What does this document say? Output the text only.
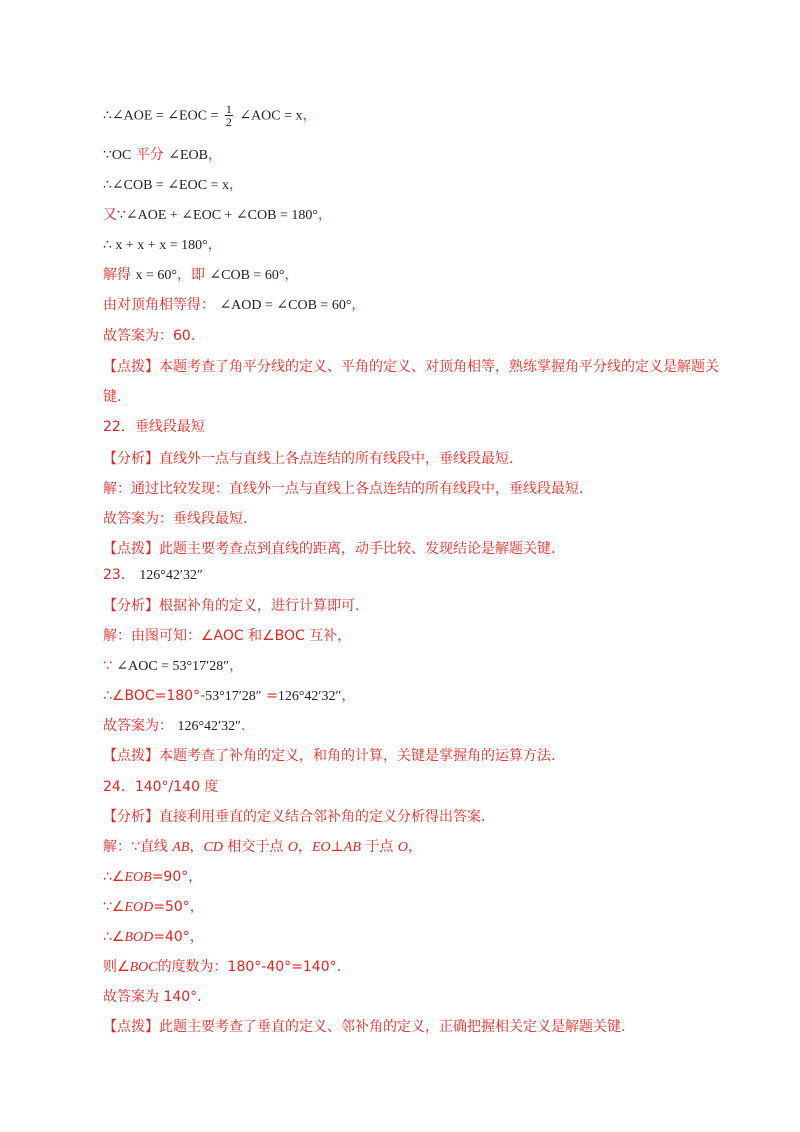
∴∠AOE = ∠EOC = $\frac{1}{2}$ ∠AOC = x，
∵OC 平分 ∠EOB，
∴∠COB = ∠EOC = x，
又∵∠AOE + ∠EOC + ∠COB = 180°，
∴ x + x + x = 180°，
解得 x = 60°，即 ∠COB = 60°，
由对顶角相等得： ∠AOD = ∠COB = 60°，
故答案为：60.
【点拨】本题考查了角平分线的定义、平角的定义、对顶角相等，熟练掌握角平分线的定义是解题关键.
22．垂线段最短
【分析】直线外一点与直线上各点连结的所有线段中，垂线段最短.
解：通过比较发现：直线外一点与直线上各点连结的所有线段中，垂线段最短.
故答案为：垂线段最短.
【点拨】此题主要考查点到直线的距离，动手比较、发现结论是解题关键.
23． 126°42′32″
【分析】根据补角的定义，进行计算即可.
解：由图可知：∠AOC 和∠BOC 互补，
∵ ∠AOC = 53°17′28″，
∴∠BOC=180°-53°17′28″ =126°42′32″，
故答案为： 126°42′32″.
【点拨】本题考查了补角的定义，和角的计算，关键是掌握角的运算方法.
24．140°/140 度
【分析】直接利用垂直的定义结合邻补角的定义分析得出答案.
解：∵直线 AB，CD 相交于点 O，EO⊥AB 于点 O，
∴∠EOB=90°，
∵∠EOD=50°，
∴∠BOD=40°，
则∠BOC的度数为：180°-40°=140°.
故答案为 140°.
【点拨】此题主要考查了垂直的定义、邻补角的定义，正确把握相关定义是解题关键.
